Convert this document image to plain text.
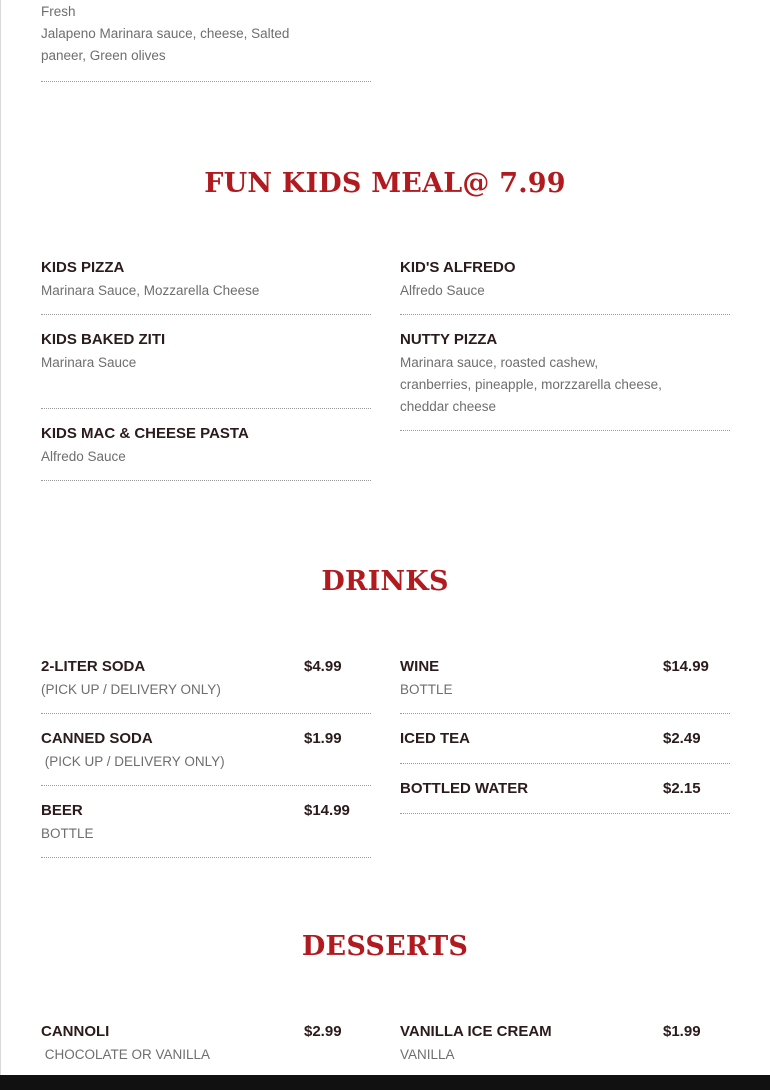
Fresh
Jalapeno Marinara sauce, cheese, Salted
paneer, Green olives
FUN KIDS MEAL@ 7.99
KIDS PIZZA
Marinara Sauce, Mozzarella Cheese
KID'S ALFREDO
Alfredo Sauce
KIDS BAKED ZITI
Marinara Sauce
NUTTY PIZZA
Marinara sauce, roasted cashew,
cranberries, pineapple, morzzarella cheese,
cheddar cheese
KIDS MAC & CHEESE PASTA
Alfredo Sauce
DRINKS
2-LITER SODA	$4.99
(PICK UP / DELIVERY ONLY)
WINE	$14.99
BOTTLE
CANNED SODA	$1.99
(PICK UP / DELIVERY ONLY)
ICED TEA	$2.49
BEER	$14.99
BOTTLE
BOTTLED WATER	$2.15
DESSERTS
CANNOLI	$2.99
CHOCOLATE OR VANILLA
VANILLA ICE CREAM	$1.99
VANILLA
